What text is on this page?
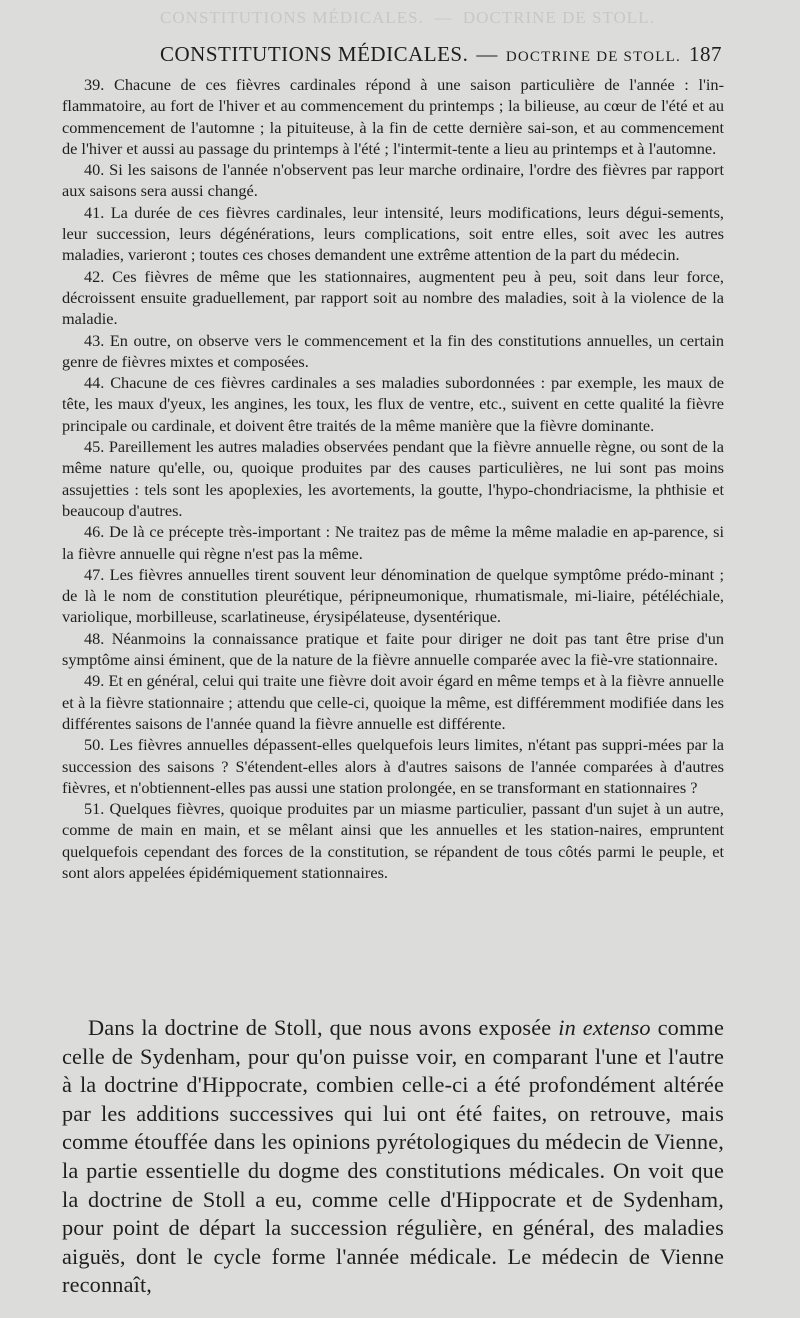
CONSTITUTIONS MÉDICALES. — DOCTRINE DE STOLL.
CONSTITUTIONS MÉDICALES. — DOCTRINE DE STOLL. 187

39. Chacune de ces fièvres cardinales répond à une saison particulière de l'année : l'in-flammatoire, au fort de l'hiver et au commencement du printemps ; la bilieuse, au cœur de l'été et au commencement de l'automne ; la pituiteuse, à la fin de cette dernière sai-son, et au commencement de l'hiver et aussi au passage du printemps à l'été ; l'intermit-tente a lieu au printemps et à l'automne.

40. Si les saisons de l'année n'observent pas leur marche ordinaire, l'ordre des fièvres par rapport aux saisons sera aussi changé.

41. La durée de ces fièvres cardinales, leur intensité, leurs modifications, leurs dégui-sements, leur succession, leurs dégénérations, leurs complications, soit entre elles, soit avec les autres maladies, varieront ; toutes ces choses demandent une extrême attention de la part du médecin.

42. Ces fièvres de même que les stationnaires, augmentent peu à peu, soit dans leur force, décroissent ensuite graduellement, par rapport soit au nombre des maladies, soit à la violence de la maladie.

43. En outre, on observe vers le commencement et la fin des constitutions annuelles, un certain genre de fièvres mixtes et composées.

44. Chacune de ces fièvres cardinales a ses maladies subordonnées : par exemple, les maux de tête, les maux d'yeux, les angines, les toux, les flux de ventre, etc., suivent en cette qualité la fièvre principale ou cardinale, et doivent être traités de la même manière que la fièvre dominante.

45. Pareillement les autres maladies observées pendant que la fièvre annuelle règne, ou sont de la même nature qu'elle, ou, quoique produites par des causes particulières, ne lui sont pas moins assujetties : tels sont les apoplexies, les avortements, la goutte, l'hypo-chondriacisme, la phthisie et beaucoup d'autres.

46. De là ce précepte très-important : Ne traitez pas de même la même maladie en ap-parence, si la fièvre annuelle qui règne n'est pas la même.

47. Les fièvres annuelles tirent souvent leur dénomination de quelque symptôme prédo-minant ; de là le nom de constitution pleurétique, péripneumonique, rhumatismale, mi-liaire, pétéléchiale, variolique, morbilleuse, scarlatineuse, érysipélateuse, dysentérique.

48. Néanmoins la connaissance pratique et faite pour diriger ne doit pas tant être prise d'un symptôme ainsi éminent, que de la nature de la fièvre annuelle comparée avec la fiè-vre stationnaire.

49. Et en général, celui qui traite une fièvre doit avoir égard en même temps et à la fièvre annuelle et à la fièvre stationnaire ; attendu que celle-ci, quoique la même, est différemment modifiée dans les différentes saisons de l'année quand la fièvre annuelle est différente.

50. Les fièvres annuelles dépassent-elles quelquefois leurs limites, n'étant pas suppri-mées par la succession des saisons ? S'étendent-elles alors à d'autres saisons de l'année comparées à d'autres fièvres, et n'obtiennent-elles pas aussi une station prolongée, en se transformant en stationnaires ?

51. Quelques fièvres, quoique produites par un miasme particulier, passant d'un sujet à un autre, comme de main en main, et se mêlant ainsi que les annuelles et les station-naires, empruntent quelquefois cependant des forces de la constitution, se répandent de tous côtés parmi le peuple, et sont alors appelées épidémiquement stationnaires.

Dans la doctrine de Stoll, que nous avons exposée in extenso comme celle de Sydenham, pour qu'on puisse voir, en comparant l'une et l'autre à la doctrine d'Hippocrate, combien celle-ci a été profondément altérée par les additions successives qui lui ont été faites, on retrouve, mais comme étouffée dans les opinions pyrétologiques du médecin de Vienne, la partie essentielle du dogme des constitutions médicales. On voit que la doctrine de Stoll a eu, comme celle d'Hippocrate et de Sydenham, pour point de départ la succession régulière, en général, des maladies aiguës, dont le cycle forme l'année médicale. Le médecin de Vienne reconnaît,
